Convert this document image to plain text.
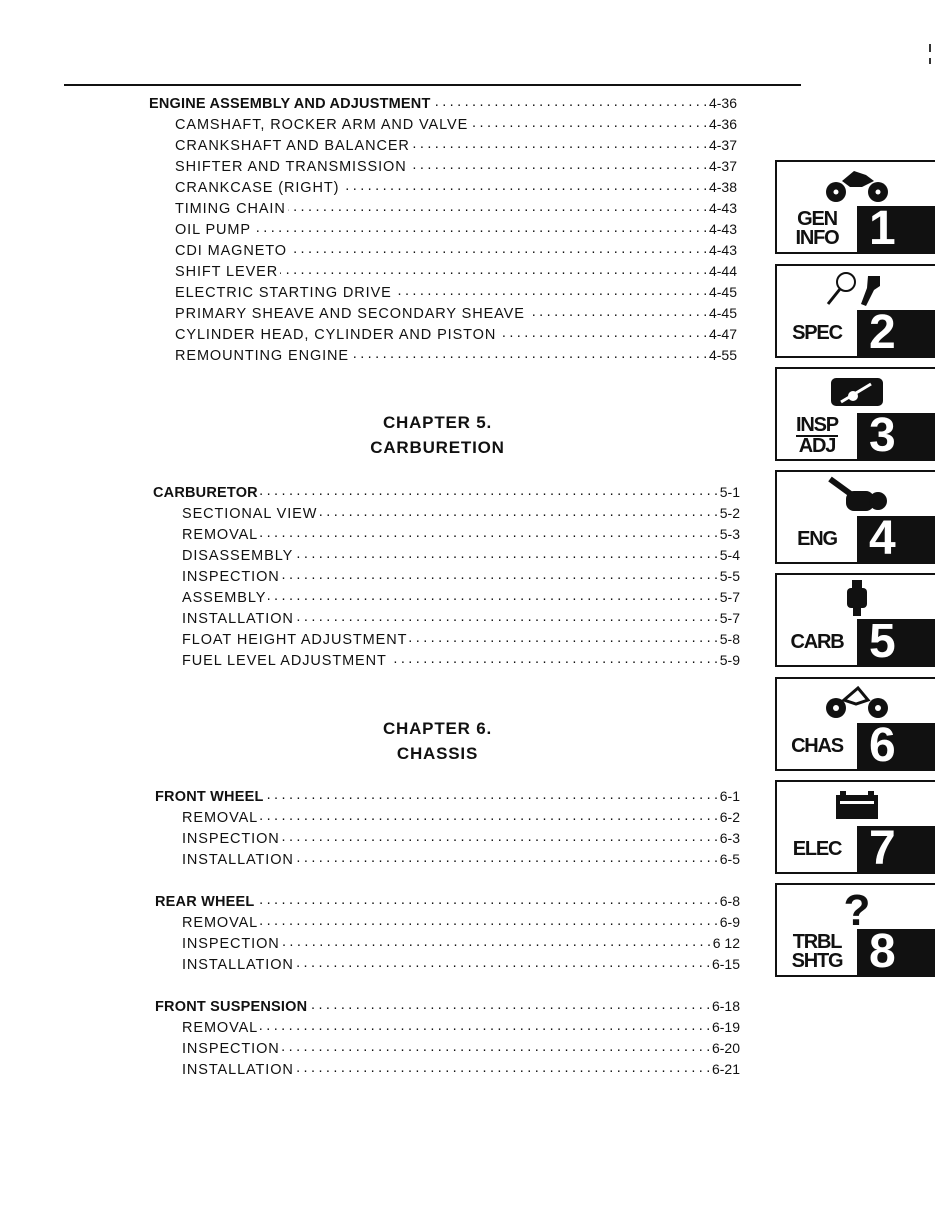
ENGINE ASSEMBLY AND ADJUSTMENT . . .	4-36
CAMSHAFT, ROCKER ARM AND VALVE . . .	4-36
CRANKSHAFT AND BALANCER . . .	4-37
SHIFTER AND TRANSMISSION . . .	4-37
CRANKCASE (RIGHT) . . .	4-38
TIMING CHAIN . . .	4-43
OIL PUMP . . .	4-43
CDI MAGNETO . . .	4-43
SHIFT LEVER . . .	4-44
ELECTRIC STARTING DRIVE . . .	4-45
PRIMARY SHEAVE AND SECONDARY SHEAVE . . .	4-45
CYLINDER HEAD, CYLINDER AND PISTON . . .	4-47
REMOUNTING ENGINE . . .	4-55
CARBURETOR . . .	5-1
SECTIONAL VIEW . . .	5-2
REMOVAL . . .	5-3
DISASSEMBLY . . .	5-4
INSPECTION . . .	5-5
ASSEMBLY . . .	5-7
INSTALLATION . . .	5-7
FLOAT HEIGHT ADJUSTMENT . . .	5-8
FUEL LEVEL ADJUSTMENT . . .	5-9
FRONT WHEEL . . .	6-1
REMOVAL . . .	6-2
INSPECTION . . .	6-3
INSTALLATION . . .	6-5
REAR WHEEL . . .	6-8
REMOVAL . . .	6-9
INSPECTION . . .	6 12
INSTALLATION . . .	6-15
FRONT SUSPENSION . . .	6-18
REMOVAL . . .	6-19
INSPECTION . . .	6-20
INSTALLATION . . .	6-21
CHAPTER 5.
CARBURETION
CHAPTER 6.
CHASSIS
GEN
INFO 1
SPEC 2
INSP
ADJ 3
ENG 4
CARB 5
CHAS 6
ELEC 7
?
TRBL
SHTG 8
